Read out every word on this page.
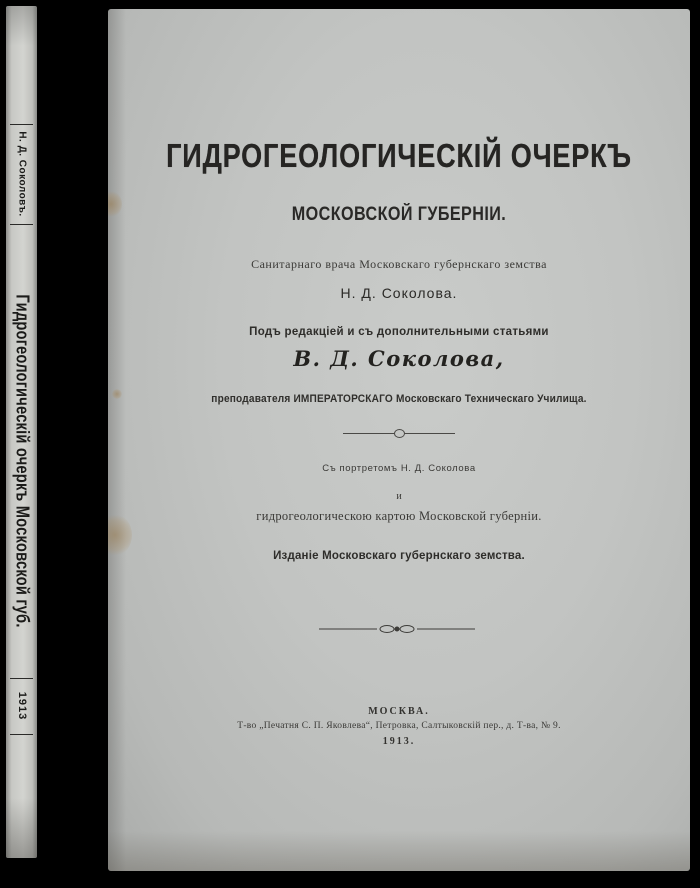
Н. Д. Соколовъ.
Гидрогеологическій очеркъ Московской губ.
1913
ГИДРОГЕОЛОГИЧЕСКІЙ ОЧЕРКЪ
МОСКОВСКОЙ ГУБЕРНІИ.
Санитарнаго врача Московскаго губернскаго земства
Н. Д. Соколова.
Подъ редакціей и съ дополнительными статьями
В. Д. Соколова,
преподавателя ИМПЕРАТОРСКАГО Московскаго Техническаго Училища.
Съ портретомъ Н. Д. Соколова
и
гидрогеологическою картою Московской губерніи.
Изданіе Московскаго губернскаго земства.
МОСКВА.
Т-во „Печатня С. П. Яковлева“, Петровка, Салтыковскій пер., д. Т-ва, № 9.
1913.
